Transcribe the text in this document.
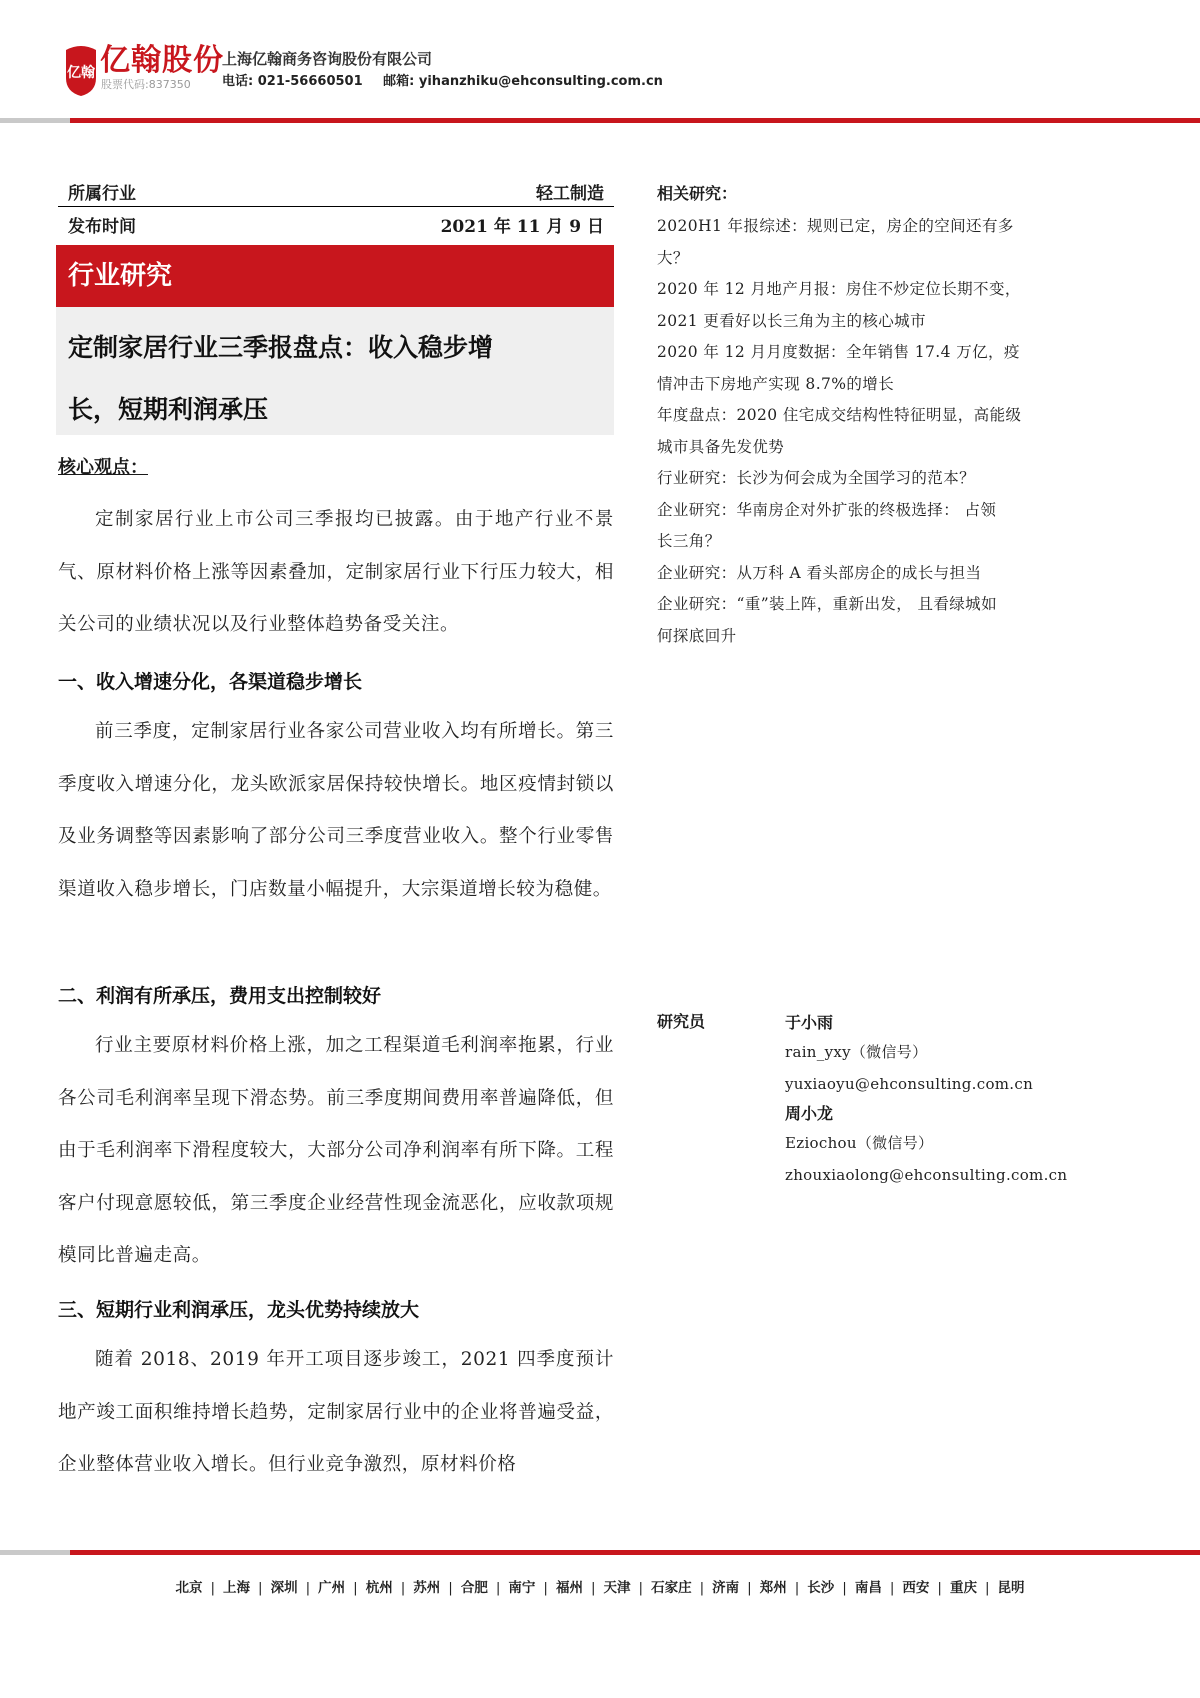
亿翰 亿翰股份
股票代码:837350
上海亿翰商务咨询股份有限公司
电话: 021-56660501 邮箱: yihanzhiku@ehconsulting.com.cn
所属行业	轻工制造
发布时间	2021 年 11 月 9 日
行业研究
定制家居行业三季报盘点：收入稳步增
长，短期利润承压
核心观点：

定制家居行业上市公司三季报均已披露。由于地产行业不景气、原材料价格上涨等因素叠加，定制家居行业下行压力较大，相关公司的业绩状况以及行业整体趋势备受关注。

一、收入增速分化，各渠道稳步增长

前三季度，定制家居行业各家公司营业收入均有所增长。第三季度收入增速分化，龙头欧派家居保持较快增长。地区疫情封锁以及业务调整等因素影响了部分公司三季度营业收入。整个行业零售渠道收入稳步增长，门店数量小幅提升，大宗渠道增长较为稳健。

二、利润有所承压，费用支出控制较好

行业主要原材料价格上涨，加之工程渠道毛利润率拖累，行业各公司毛利润率呈现下滑态势。前三季度期间费用率普遍降低，但由于毛利润率下滑程度较大，大部分公司净利润率有所下降。工程客户付现意愿较低，第三季度企业经营性现金流恶化，应收款项规模同比普遍走高。

三、短期行业利润承压，龙头优势持续放大

随着 2018、2019 年开工项目逐步竣工，2021 四季度预计地产竣工面积维持增长趋势，定制家居行业中的企业将普遍受益，企业整体营业收入增长。但行业竞争激烈，原材料价格

相关研究：
2020H1 年报综述：规则已定，房企的空间还有多
大？
2020 年 12 月地产月报：房住不炒定位长期不变，
2021 更看好以长三角为主的核心城市
2020 年 12 月月度数据：全年销售 17.4 万亿，疫
情冲击下房地产实现 8.7%的增长
年度盘点：2020 住宅成交结构性特征明显，高能级
城市具备先发优势
行业研究：长沙为何会成为全国学习的范本？
企业研究：华南房企对外扩张的终极选择： 占领
长三角？
企业研究：从万科 A 看头部房企的成长与担当
企业研究：“重”装上阵，重新出发， 且看绿城如
何探底回升
研究员	于小雨
rain_yxy（微信号）
yuxiaoyu@ehconsulting.com.cn
周小龙
Eziochou（微信号）
zhouxiaolong@ehconsulting.com.cn
北京 | 上海 | 深圳 | 广州 | 杭州 | 苏州 | 合肥 | 南宁 | 福州 | 天津 | 石家庄 | 济南 | 郑州 | 长沙 | 南昌 | 西安 | 重庆 | 昆明
